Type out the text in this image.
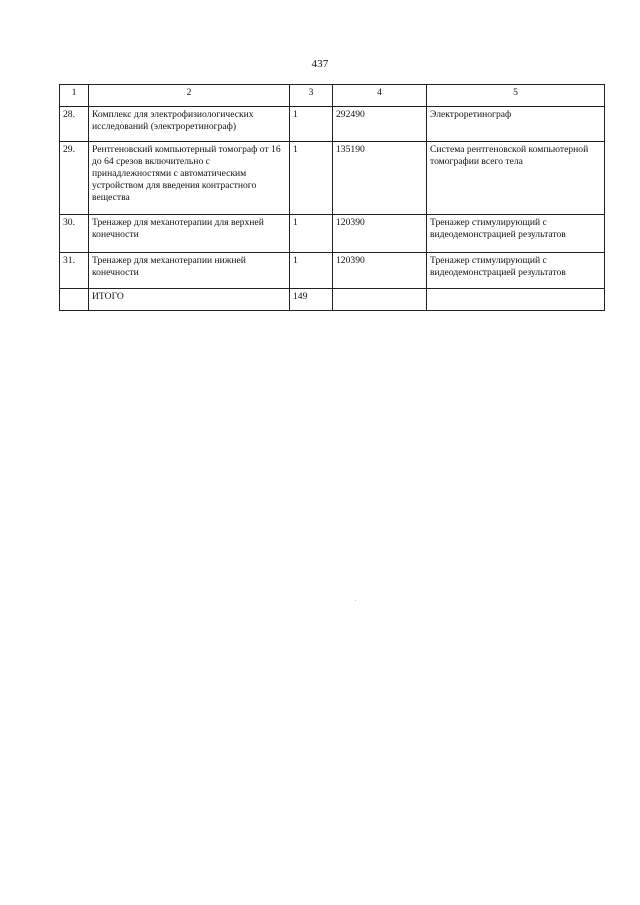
437
1	2	3	4	5
28.	Комплекс для электрофизиологических исследований (электроретинограф)	1	292490	Электроретинограф
29.	Рентгеновский компьютерный томограф от 16 до 64 срезов включительно с принадлежностями с автоматическим устройством для введения контрастного вещества	1	135190	Система рентгеновской компьютерной томографии всего тела
30.	Тренажер для механотерапии для верхней конечности	1	120390	Тренажер стимулирующий с видеодемонстрацией результатов
31.	Тренажер для механотерапии нижней конечности	1	120390	Тренажер стимулирующий с видеодемонстрацией результатов
	ИТОГО	149		
